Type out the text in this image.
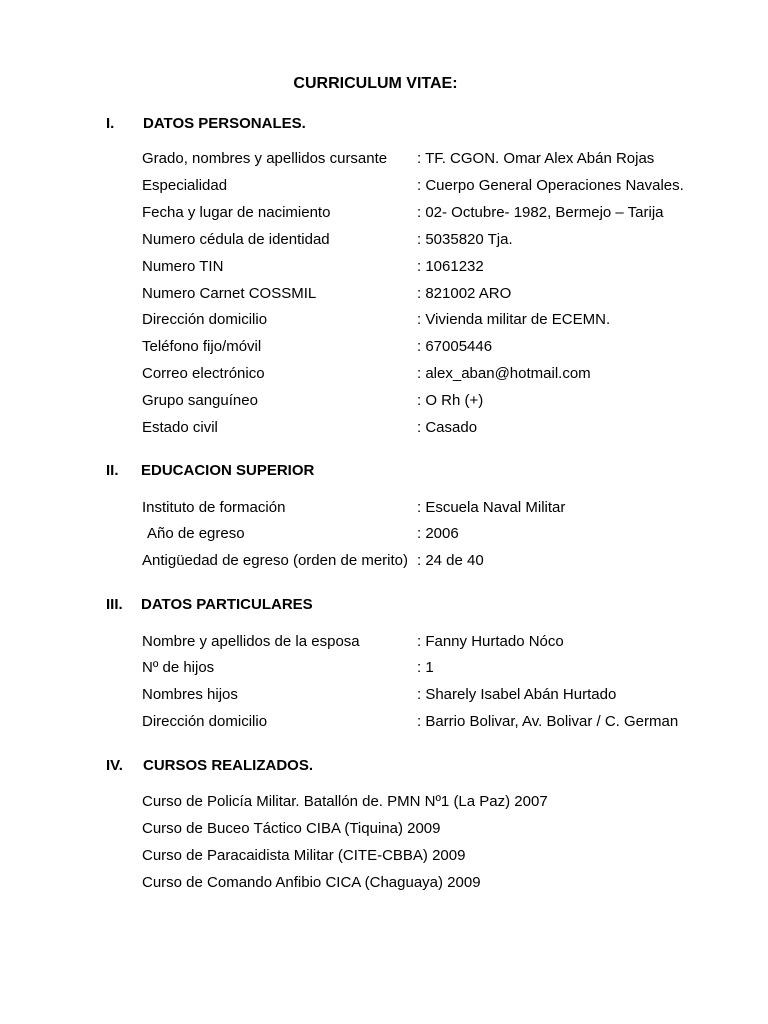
CURRICULUM VITAE:
I. DATOS PERSONALES.
Grado, nombres y apellidos cursante : TF. CGON. Omar Alex Abán Rojas
Especialidad	: Cuerpo General Operaciones Navales.
Fecha y lugar de nacimiento	: 02- Octubre- 1982, Bermejo – Tarija
Numero cédula de identidad	: 5035820 Tja.
Numero TIN	: 1061232
Numero Carnet COSSMIL	: 821002 ARO
Dirección domicilio	: Vivienda militar de ECEMN.
Teléfono fijo/móvil	: 67005446
Correo electrónico	: alex_aban@hotmail.com
Grupo sanguíneo	: O Rh (+)
Estado civil	: Casado
II. EDUCACION SUPERIOR
Instituto de formación	: Escuela Naval Militar
Año de egreso	: 2006
Antigüedad de egreso (orden de merito) : 24 de 40
III. DATOS PARTICULARES
Nombre y apellidos de la esposa	: Fanny Hurtado Nóco
Nº de hijos	: 1
Nombres hijos	: Sharely Isabel Abán Hurtado
Dirección domicilio	: Barrio Bolivar, Av. Bolivar / C. German
IV. CURSOS REALIZADOS.
Curso de Policía Militar. Batallón de. PMN Nº1 (La Paz) 2007
Curso de Buceo Táctico CIBA (Tiquina) 2009
Curso de Paracaidista Militar (CITE-CBBA) 2009
Curso de Comando Anfibio CICA (Chaguaya) 2009
